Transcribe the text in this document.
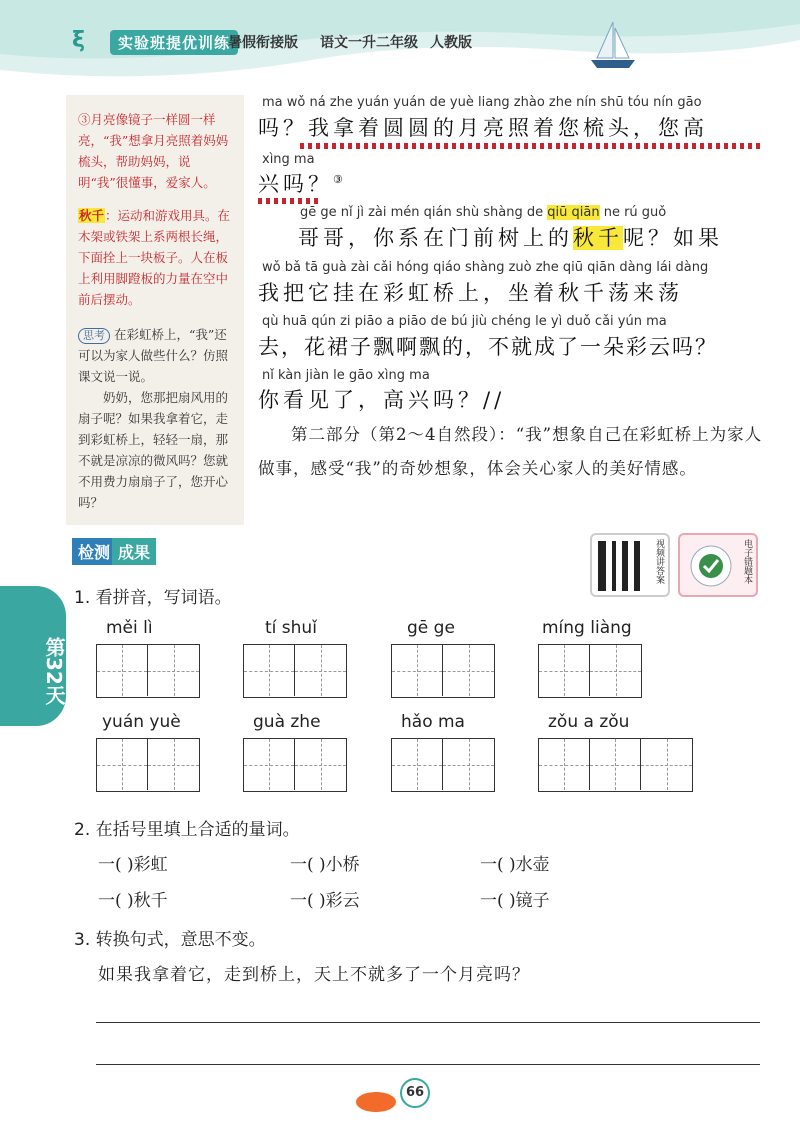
ξ	实验班提优训练
暑假衔接版 语文一升二年级 人教版
③月亮像镜子一样圆一样亮，“我”想拿月亮照着妈妈梳头，帮助妈妈，说明“我”很懂事，爱家人。
秋千：运动和游戏用具。在木架或铁架上系两根长绳，下面拴上一块板子。人在板上利用脚蹬板的力量在空中前后摆动。
思考 在彩虹桥上，“我”还可以为家人做些什么？仿照课文说一说。
奶奶，您那把扇风用的扇子呢？如果我拿着它，走到彩虹桥上，轻轻一扇，那不就是凉凉的微风吗？您就不用费力扇扇子了，您开心吗？
ma wǒ ná zhe yuán yuán de yuè liang zhào zhe nín shū tóu nín gāo
吗？我拿着圆圆的月亮照着您梳头，您高
xìng ma
兴吗？③
gē ge nǐ jì zài mén qián shù shàng de qiū qiān ne rú guǒ
哥哥，你系在门前树上的秋千呢？如果
wǒ bǎ tā guà zài cǎi hóng qiáo shàng zuò zhe qiū qiān dàng lái dàng
我把它挂在彩虹桥上，坐着秋千荡来荡
qù huā qún zi piāo a piāo de bú jiù chéng le yì duǒ cǎi yún ma
去，花裙子飘啊飘的，不就成了一朵彩云吗？
nǐ kàn jiàn le gāo xìng ma
你看见了，高兴吗？//
第二部分（第2～4自然段）：“我”想象自己在彩虹桥上为家人做事，感受“我”的奇妙想象，体会关心家人的美好情感。
检测 成果	视频讲答案	电子错题本
第32天
1. 看拼音，写词语。
měi lì	tí shuǐ	gē ge	míng liàng
yuán yuè	guà zhe	hǎo ma	zǒu a zǒu
2. 在括号里填上合适的量词。
一( )彩虹	一( )小桥	一( )水壶
一( )秋千	一( )彩云	一( )镜子
3. 转换句式，意思不变。
如果我拿着它，走到桥上，天上不就多了一个月亮吗？
66
